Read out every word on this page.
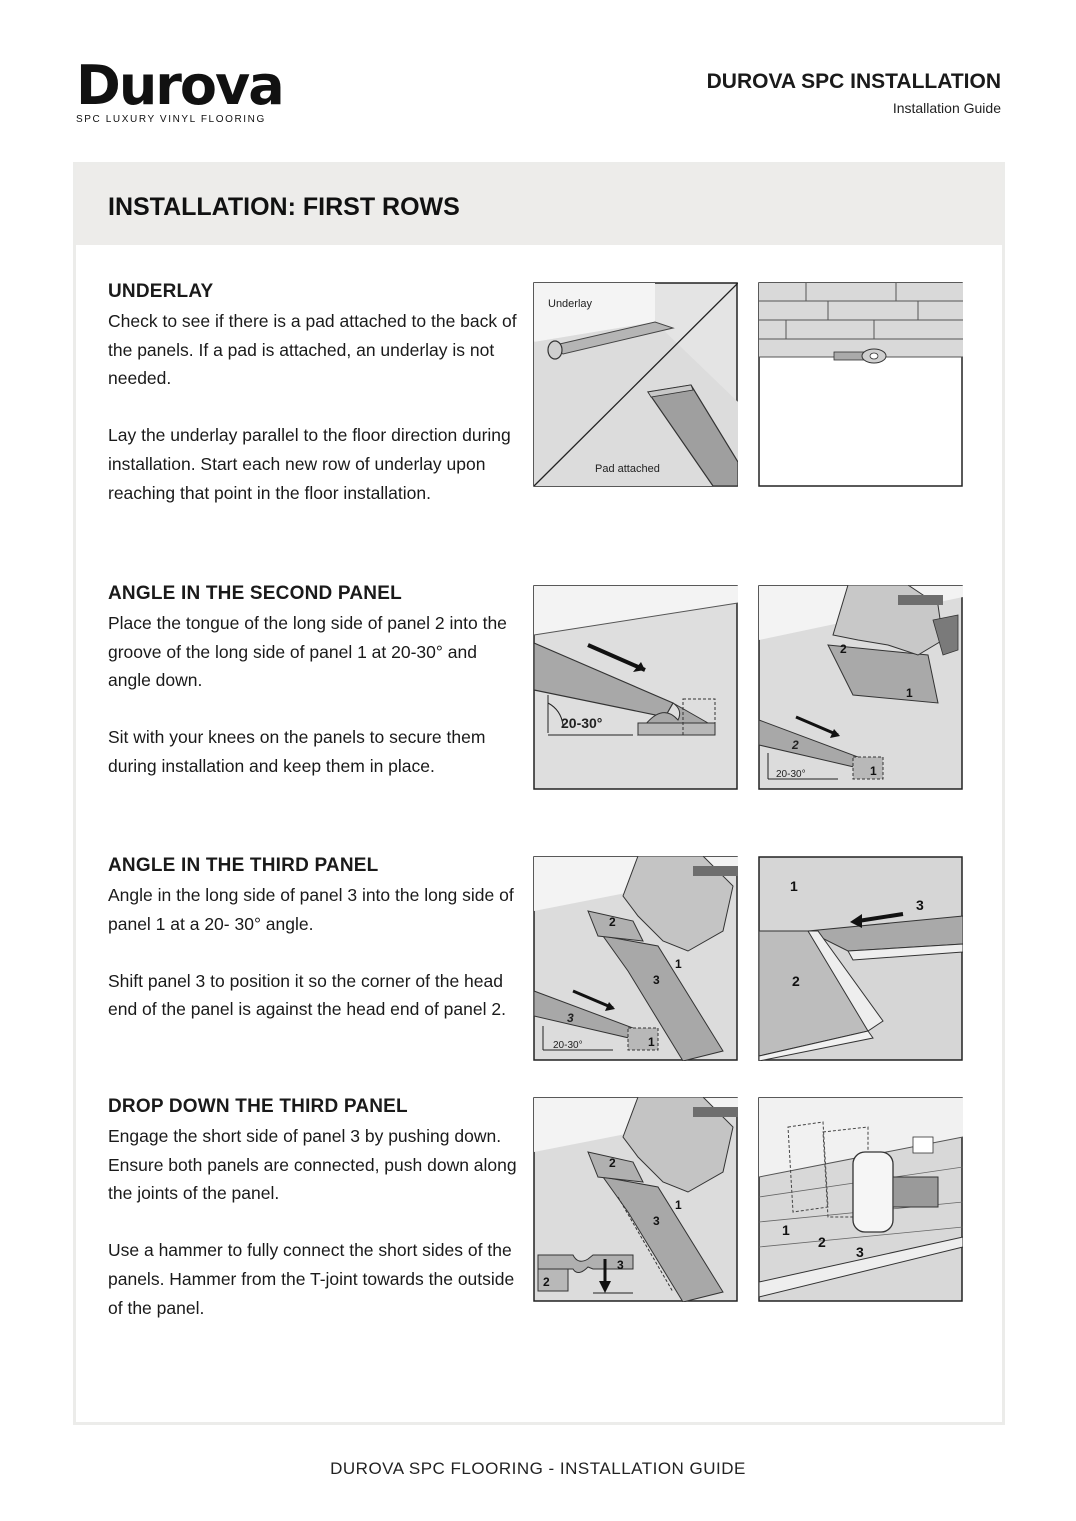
Durova
SPC LUXURY VINYL FLOORING
DUROVA SPC INSTALLATION
Installation Guide
INSTALLATION: FIRST ROWS
UNDERLAY

Check to see if there is a pad attached to the back of the panels. If a pad is attached, an underlay is not needed.

Lay the underlay parallel to the floor direction during installation. Start each new row of underlay upon reaching that point in the floor installation.

Underlay
Pad attached
ANGLE IN THE SECOND PANEL

Place the tongue of the long side of panel 2 into the groove of the long side of panel 1 at 20-30° and angle down.

Sit with your knees on the panels to secure them during installation and keep them in place.

20-30°
2
1
2
20-30°	1
ANGLE IN THE THIRD PANEL

Angle in the long side of panel 3 into the long side of panel 1 at a 20- 30° angle.

Shift panel 3 to position it so the corner of the head end of the panel is against the head end of panel 2.

2
1
3
3
20-30°	1
1
3
2
DROP DOWN THE THIRD PANEL

Engage the short side of panel 3 by pushing down. Ensure both panels are connected, push down along the joints of the panel.

Use a hammer to fully connect the short sides of the panels. Hammer from the T-joint towards the outside of the panel.

2
1
3
3
2
1
2
3
DUROVA SPC FLOORING - INSTALLATION GUIDE
